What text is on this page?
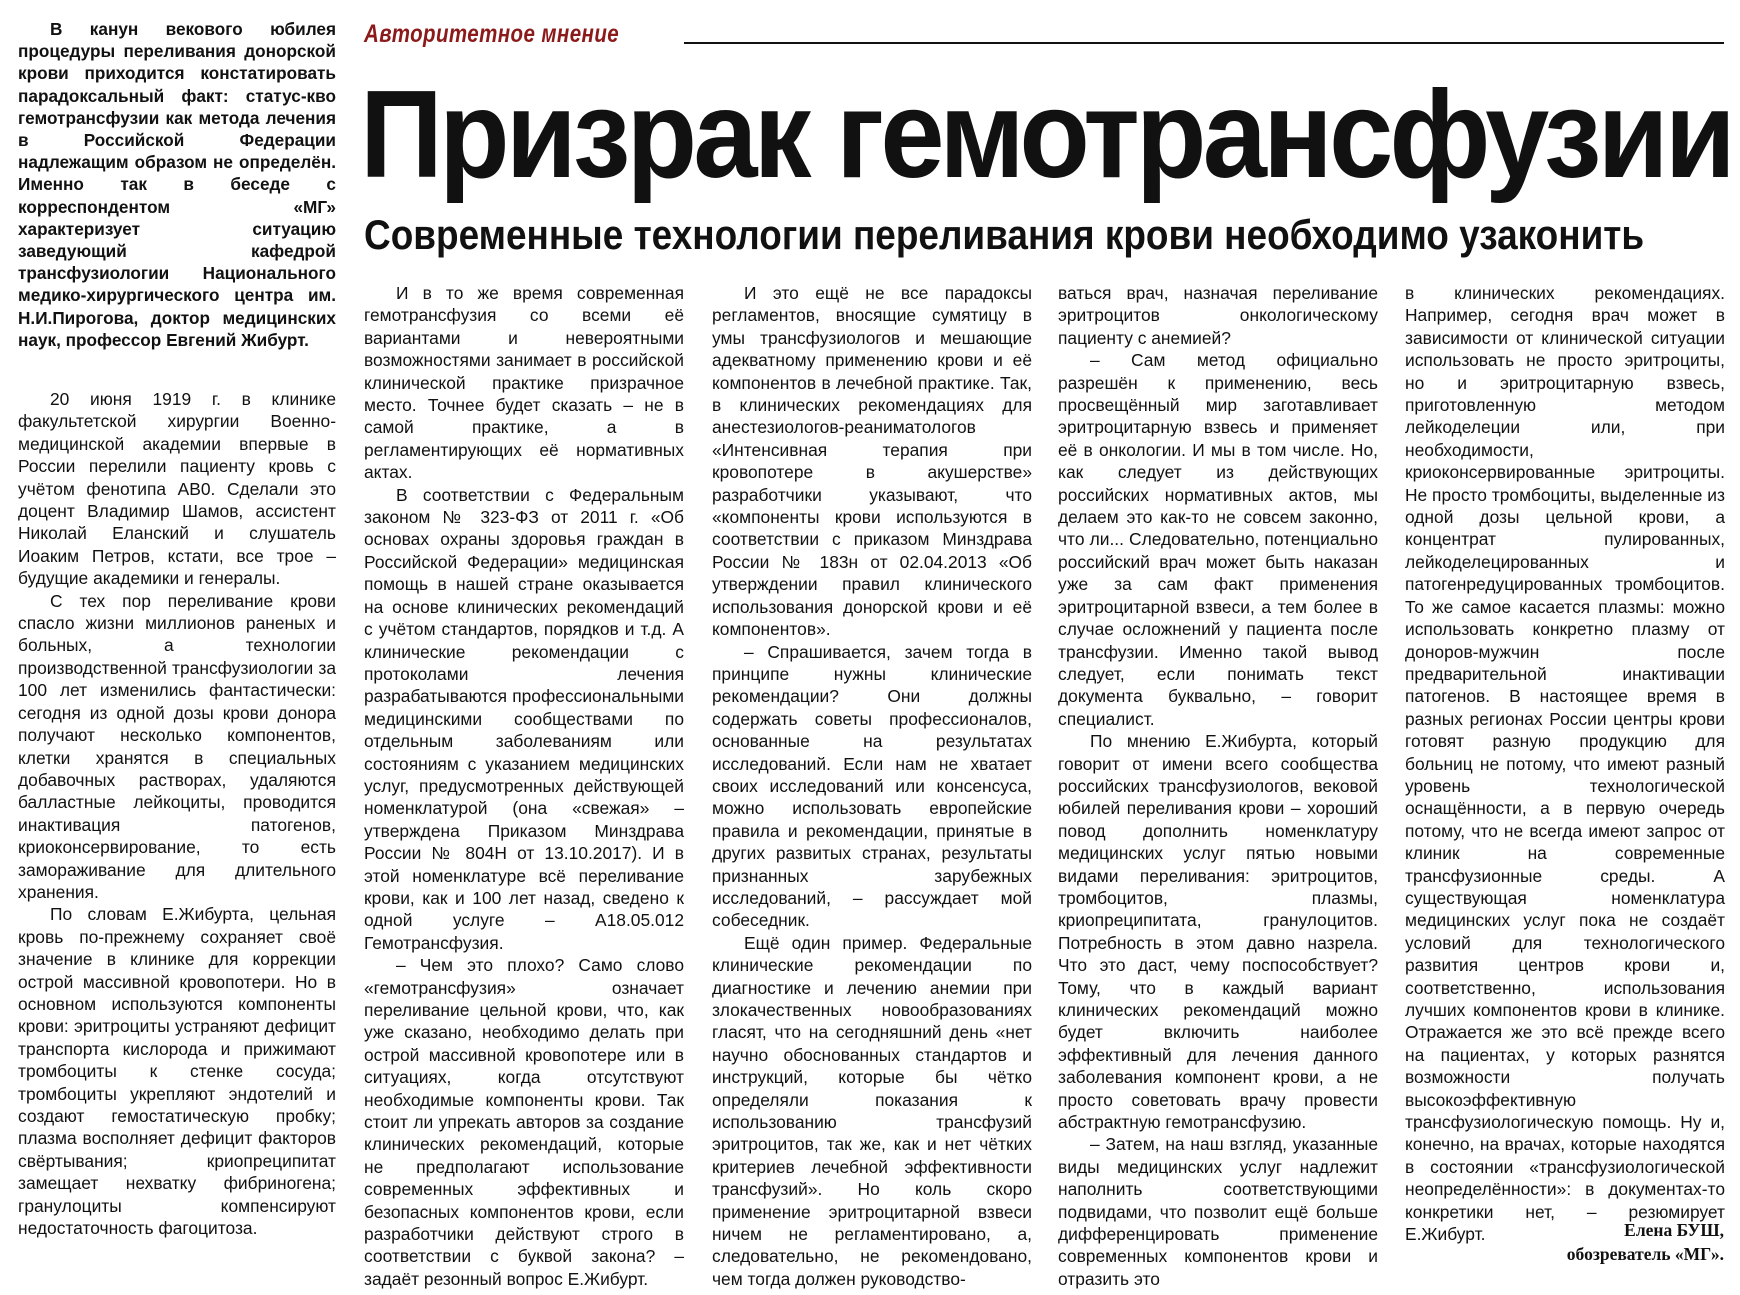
В канун векового юбилея процедуры переливания донорской крови приходится констатировать парадоксальный факт: статус-кво гемотрансфузии как метода лечения в Российской Федерации надлежащим образом не определён. Именно так в беседе с корреспондентом «МГ» характеризует ситуацию заведующий кафедрой трансфузиологии Национального медико-хирургического центра им. Н.И.Пирогова, доктор медицинских наук, профессор Евгений Жибурт.

Авторитетное мнение
Призрак гемотрансфузии
Современные технологии переливания крови необходимо узаконить

20 июня 1919 г. в клинике факультетской хирургии Военно-медицинской академии впервые в России перелили пациенту кровь с учётом фенотипа АВ0. Сделали это доцент Владимир Шамов, ассистент Николай Еланский и слушатель Иоаким Петров, кстати, все трое – будущие академики и генералы.

С тех пор переливание крови спасло жизни миллионов раненых и больных, а технологии производственной трансфузиологии за 100 лет изменились фантастически: сегодня из одной дозы крови донора получают несколько компонентов, клетки хранятся в специальных добавочных растворах, удаляются балластные лейкоциты, проводится инактивация патогенов, криоконсервирование, то есть замораживание для длительного хранения.

По словам Е.Жибурта, цельная кровь по-прежнему сохраняет своё значение в клинике для коррекции острой массивной кровопотери. Но в основном используются компоненты крови: эритроциты устраняют дефицит транспорта кислорода и прижимают тромбоциты к стенке сосуда; тромбоциты укрепляют эндотелий и создают гемостатическую пробку; плазма восполняет дефицит факторов свёртывания; криопреципитат замещает нехватку фибриногена; гранулоциты компенсируют недостаточность фагоцитоза.

И в то же время современная гемотрансфузия со всеми её вариантами и невероятными возможностями занимает в российской клинической практике призрачное место. Точнее будет сказать – не в самой практике, а в регламентирующих её нормативных актах.

В соответствии с Федеральным законом № 323-ФЗ от 2011 г. «Об основах охраны здоровья граждан в Российской Федерации» медицинская помощь в нашей стране оказывается на основе клинических рекомендаций с учётом стандартов, порядков и т.д. А клинические рекомендации с протоколами лечения разрабатываются профессиональными медицинскими сообществами по отдельным заболеваниям или состояниям с указанием медицинских услуг, предусмотренных действующей номенклатурой (она «свежая» – утверждена Приказом Минздрава России № 804Н от 13.10.2017). И в этой номенклатуре всё переливание крови, как и 100 лет назад, сведено к одной услуге – А18.05.012 Гемотрансфузия.

– Чем это плохо? Само слово «гемотрансфузия» означает переливание цельной крови, что, как уже сказано, необходимо делать при острой массивной кровопотере или в ситуациях, когда отсутствуют необходимые компоненты крови. Так стоит ли упрекать авторов за создание клинических рекомендаций, которые не предполагают использование современных эффективных и безопасных компонентов крови, если разработчики действуют строго в соответствии с буквой закона? – задаёт резонный вопрос Е.Жибурт.

И это ещё не все парадоксы регламентов, вносящие сумятицу в умы трансфузиологов и мешающие адекватному применению крови и её компонентов в лечебной практике. Так, в клинических рекомендациях для анестезиологов-реаниматологов «Интенсивная терапия при кровопотере в акушерстве» разработчики указывают, что «компоненты крови используются в соответствии с приказом Минздрава России № 183н от 02.04.2013 «Об утверждении правил клинического использования донорской крови и её компонентов».

– Спрашивается, зачем тогда в принципе нужны клинические рекомендации? Они должны содержать советы профессионалов, основанные на результатах исследований. Если нам не хватает своих исследований или консенсуса, можно использовать европейские правила и рекомендации, принятые в других развитых странах, результаты признанных зарубежных исследований, – рассуждает мой собеседник.

Ещё один пример. Федеральные клинические рекомендации по диагностике и лечению анемии при злокачественных новообразованиях гласят, что на сегодняшний день «нет научно обоснованных стандартов и инструкций, которые бы чётко определяли показания к использованию трансфузий эритроцитов, так же, как и нет чётких критериев лечебной эффективности трансфузий». Но коль скоро применение эритроцитарной взвеси ничем не регламентировано, а, следовательно, не рекомендовано, чем тогда должен руководство-

ваться врач, назначая переливание эритроцитов онкологическому пациенту с анемией?

– Сам метод официально разрешён к применению, весь просвещённый мир заготавливает эритроцитарную взвесь и применяет её в онкологии. И мы в том числе. Но, как следует из действующих российских нормативных актов, мы делаем это как-то не совсем законно, что ли... Следовательно, потенциально российский врач может быть наказан уже за сам факт применения эритроцитарной взвеси, а тем более в случае осложнений у пациента после трансфузии. Именно такой вывод следует, если понимать текст документа буквально, – говорит специалист.

По мнению Е.Жибурта, который говорит от имени всего сообщества российских трансфузиологов, вековой юбилей переливания крови – хороший повод дополнить номенклатуру медицинских услуг пятью новыми видами переливания: эритроцитов, тромбоцитов, плазмы, криопреципитата, гранулоцитов. Потребность в этом давно назрела. Что это даст, чему поспособствует? Тому, что в каждый вариант клинических рекомендаций можно будет включить наиболее эффективный для лечения данного заболевания компонент крови, а не просто советовать врачу провести абстрактную гемотрансфузию.

– Затем, на наш взгляд, указанные виды медицинских услуг надлежит наполнить соответствующими подвидами, что позволит ещё больше дифференцировать применение современных компонентов крови и отразить это

в клинических рекомендациях. Например, сегодня врач может в зависимости от клинической ситуации использовать не просто эритроциты, но и эритроцитарную взвесь, приготовленную методом лейкоделеции или, при необходимости, криоконсервированные эритроциты. Не просто тромбоциты, выделенные из одной дозы цельной крови, а концентрат пулированных, лейкоделецированных и патогенредуцированных тромбоцитов. То же самое касается плазмы: можно использовать конкретно плазму от доноров-мужчин после предварительной инактивации патогенов. В настоящее время в разных регионах России центры крови готовят разную продукцию для больниц не потому, что имеют разный уровень технологической оснащённости, а в первую очередь потому, что не всегда имеют запрос от клиник на современные трансфузионные среды. А существующая номенклатура медицинских услуг пока не создаёт условий для технологического развития центров крови и, соответственно, использования лучших компонентов крови в клинике. Отражается же это всё прежде всего на пациентах, у которых разнятся возможности получать высокоэффективную трансфузиологическую помощь. Ну и, конечно, на врачах, которые находятся в состоянии «трансфузиологической неопределённости»: в документах-то конкретики нет, – резюмирует Е.Жибурт.	Елена БУШ,
обозреватель «МГ».
